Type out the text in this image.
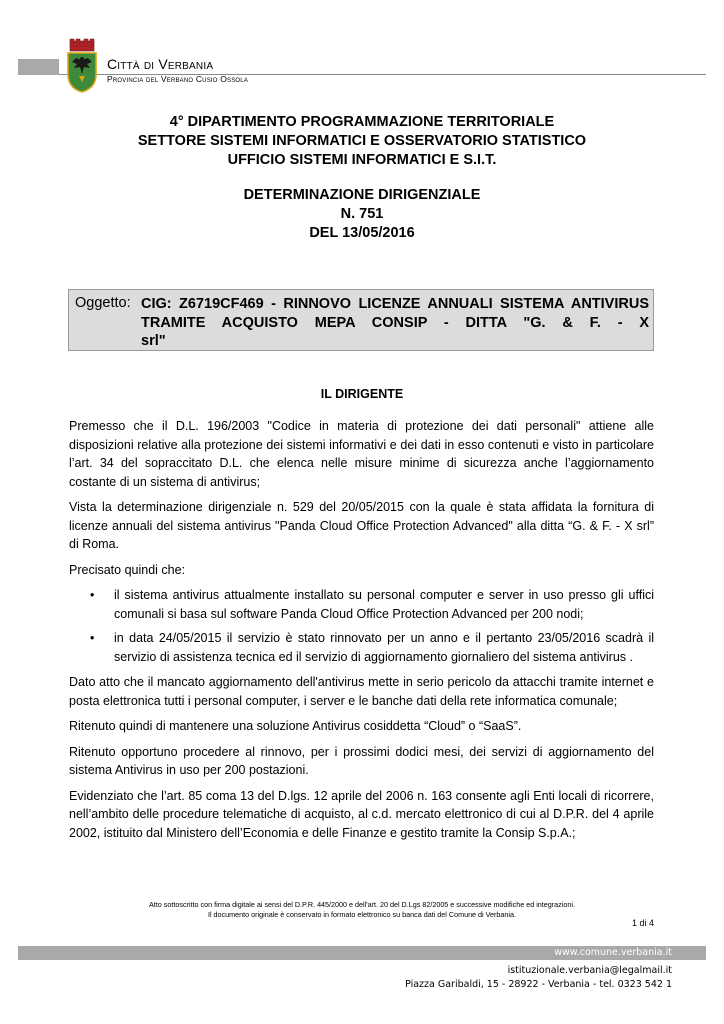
Città di Verbania
Provincia del Verbano Cusio Ossola
4° DIPARTIMENTO PROGRAMMAZIONE TERRITORIALE
SETTORE SISTEMI INFORMATICI E OSSERVATORIO STATISTICO
UFFICIO SISTEMI INFORMATICI E S.I.T.
DETERMINAZIONE DIRIGENZIALE
N. 751
DEL 13/05/2016
Oggetto: CIG: Z6719CF469 - RINNOVO LICENZE ANNUALI SISTEMA ANTIVIRUS TRAMITE ACQUISTO MEPA CONSIP - DITTA "G. & F. - X
srl"
IL DIRIGENTE

Premesso che il D.L. 196/2003 "Codice in materia di protezione dei dati personali" attiene alle disposizioni relative alla protezione dei sistemi informativi e dei dati in esso contenuti e visto in particolare l’art. 34 del sopraccitato D.L. che elenca nelle misure minime di sicurezza anche l’aggiornamento costante di un sistema di antivirus;

Vista la determinazione dirigenziale n. 529 del 20/05/2015 con la quale è stata affidata la fornitura di licenze annuali del sistema antivirus "Panda Cloud Office Protection Advanced" alla ditta “G. & F. - X srl” di Roma.

Precisato quindi che:

• il sistema antivirus attualmente installato su personal computer e server in uso presso gli uffici comunali si basa sul software Panda Cloud Office Protection Advanced per 200 nodi;
• in data 24/05/2015 il servizio è stato rinnovato per un anno e il pertanto 23/05/2016 scadrà il servizio di assistenza tecnica ed il servizio di aggiornamento giornaliero del sistema antivirus .

Dato atto che il mancato aggiornamento dell'antivirus mette in serio pericolo da attacchi tramite internet e posta elettronica tutti i personal computer, i server e le banche dati della rete informatica comunale;

Ritenuto quindi di mantenere una soluzione Antivirus cosiddetta “Cloud” o “SaaS”.

Ritenuto opportuno procedere al rinnovo, per i prossimi dodici mesi, dei servizi di aggiornamento del sistema Antivirus in uso per 200 postazioni.

Evidenziato che l’art. 85 coma 13 del D.lgs. 12 aprile del 2006 n. 163 consente agli Enti locali di ricorrere, nell’ambito delle procedure telematiche di acquisto, al c.d. mercato elettronico di cui al D.P.R. del 4 aprile 2002, istituito dal Ministero dell’Economia e delle Finanze e gestito tramite la Consip S.p.A.;

Atto sottoscritto con firma digitale ai sensi del D.P.R. 445/2000 e dell'art. 20 del D.Lgs 82/2005 e successive modifiche ed integrazioni.
Il documento originale è conservato in formato elettronico su banca dati del Comune di Verbania.
1 di 4
www.comune.verbania.it
istituzionale.verbania@legalmail.it
Piazza Garibaldi, 15 - 28922 - Verbania - tel. 0323 542 1
